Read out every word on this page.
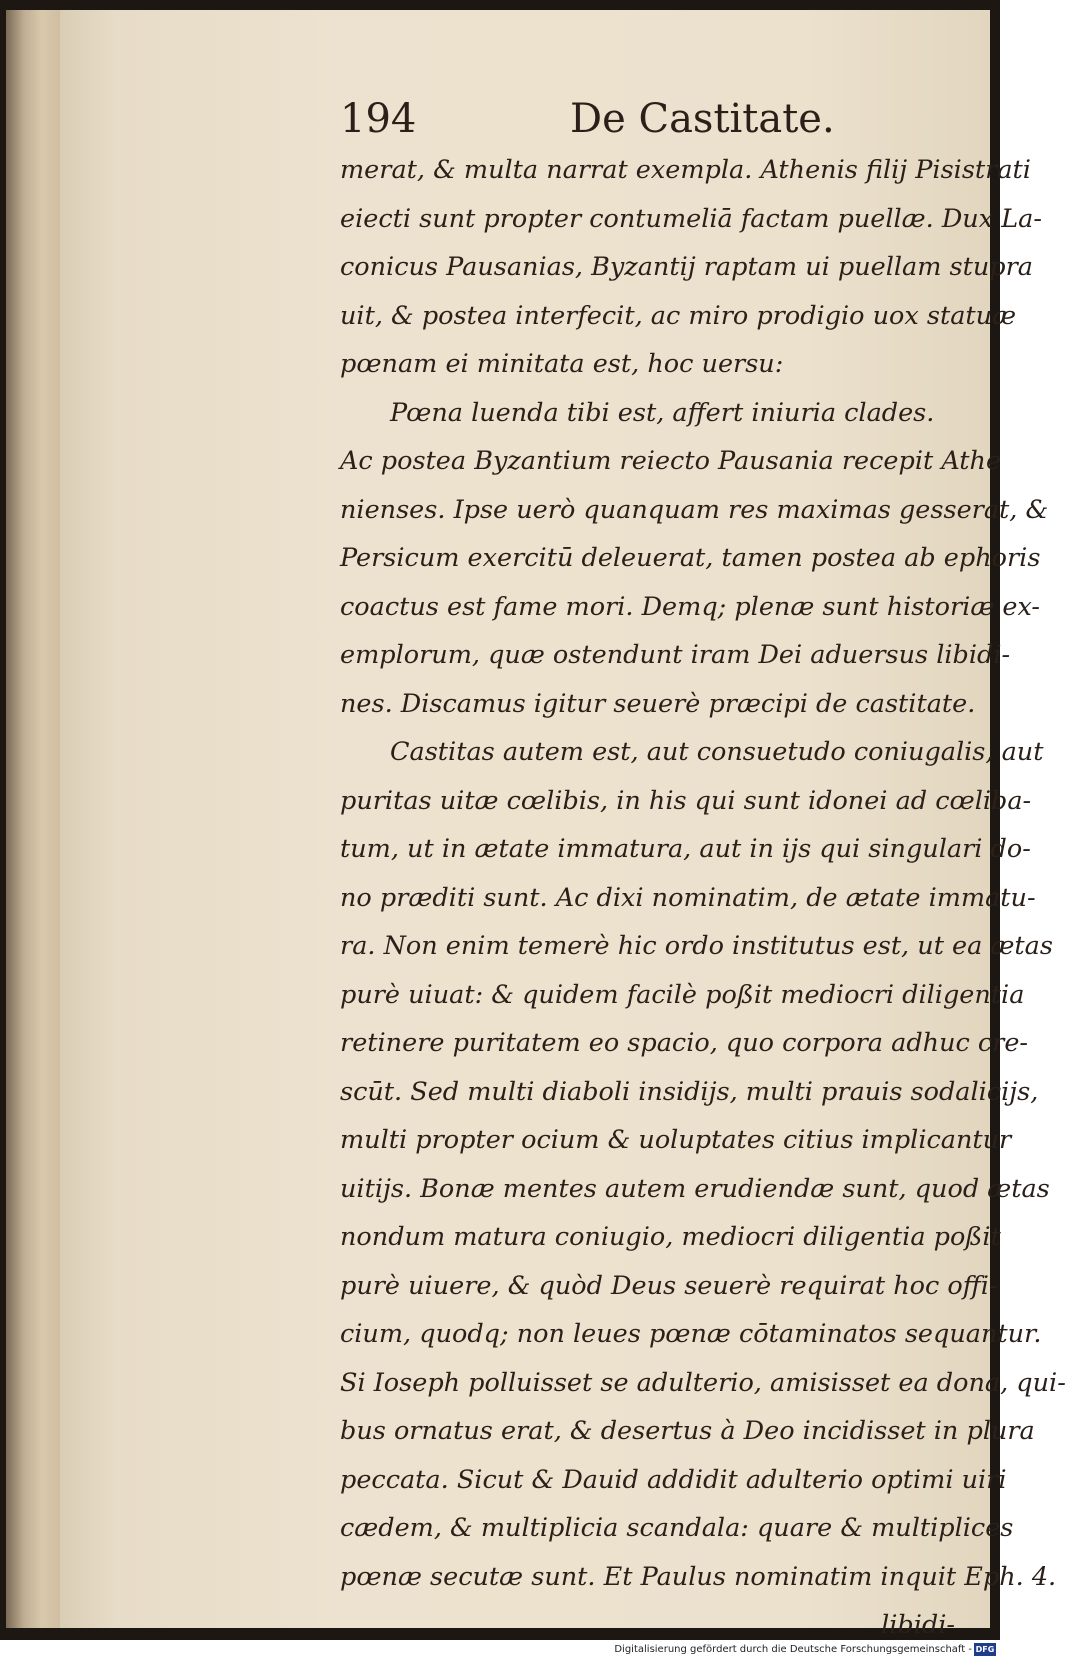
194	De Castitate.
merat, & multa narrat exempla. Athenis filij Pisistrati
eiecti sunt propter contumeliā factam puellæ. Dux La-
conicus Pausanias, Byzantij raptam ui puellam stupra
uit, & postea interfecit, ac miro prodigio uox statuæ
pœnam ei minitata est, hoc uersu:
Pœna luenda tibi est, affert iniuria clades.
Ac postea Byzantium reiecto Pausania recepit Athe
nienses. Ipse uerò quanquam res maximas gesserat, &
Persicum exercitū deleuerat, tamen postea ab ephoris
coactus est fame mori. Demq; plenæ sunt historiæ ex-
emplorum, quæ ostendunt iram Dei aduersus libidi-
nes. Discamus igitur seuerè præcipi de castitate.
Castitas autem est, aut consuetudo coniugalis, aut
puritas uitæ cœlibis, in his qui sunt idonei ad cœliba-
tum, ut in ætate immatura, aut in ijs qui singulari do-
no præditi sunt. Ac dixi nominatim, de ætate immatu-
ra. Non enim temerè hic ordo institutus est, ut ea ætas
purè uiuat: & quidem facilè poßit mediocri diligentia
retinere puritatem eo spacio, quo corpora adhuc cre-
scūt. Sed multi diaboli insidijs, multi prauis sodalicijs,
multi propter ocium & uoluptates citius implicantur
uitijs. Bonæ mentes autem erudiendæ sunt, quod ætas
nondum matura coniugio, mediocri diligentia poßit
purè uiuere, & quòd Deus seuerè requirat hoc offi-
cium, quodq; non leues pœnæ cōtaminatos sequantur.
Si Ioseph polluisset se adulterio, amisisset ea dona, qui-
bus ornatus erat, & desertus à Deo incidisset in plura
peccata. Sicut & Dauid addidit adulterio optimi uiri
cædem, & multiplicia scandala: quare & multiplices
pœnæ secutæ sunt. Et Paulus nominatim inquit Eph. 4.
libidi-
Digitalisierung gefördert durch die Deutsche Forschungsgemeinschaft - DFG
